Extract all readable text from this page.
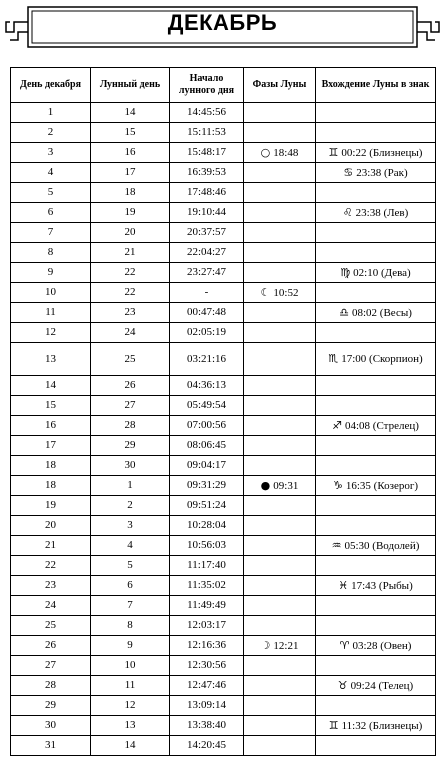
ДЕКАБРЬ
День декабря	Лунный день	Начало лунного дня	Фазы Луны	Вхождение Луны в знак
1	14	14:45:56		
2	15	15:11:53		
3	16	15:48:17	○ 18:48	♊ 00:22 (Близнецы)
4	17	16:39:53		♋ 23:38 (Рак)
5	18	17:48:46		
6	19	19:10:44		♌ 23:38 (Лев)
7	20	20:37:57		
8	21	22:04:27		
9	22	23:27:47		♍ 02:10 (Дева)
10	22	-	☾ 10:52	
11	23	00:47:48		♎ 08:02 (Весы)
12	24	02:05:19		
13	25	03:21:16		♏ 17:00 (Скорпион)
14	26	04:36:13		
15	27	05:49:54		
16	28	07:00:56		♐ 04:08 (Стрелец)
17	29	08:06:45		
18	30	09:04:17		
18	1	09:31:29	● 09:31	♑ 16:35 (Козерог)
19	2	09:51:24		
20	3	10:28:04		
21	4	10:56:03		♒ 05:30 (Водолей)
22	5	11:17:40		
23	6	11:35:02		♓ 17:43 (Рыбы)
24	7	11:49:49		
25	8	12:03:17		
26	9	12:16:36	☽ 12:21	♈ 03:28 (Овен)
27	10	12:30:56		
28	11	12:47:46		♉ 09:24 (Телец)
29	12	13:09:14		
30	13	13:38:40		♊ 11:32 (Близнецы)
31	14	14:20:45		
